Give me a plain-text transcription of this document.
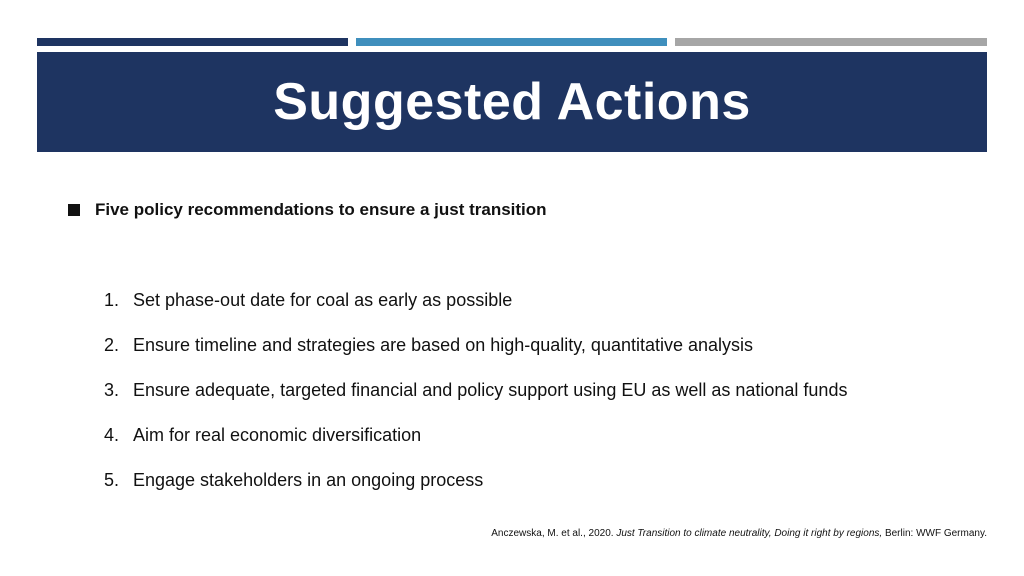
Suggested Actions
Five policy recommendations to ensure a just transition
1. Set phase-out date for coal as early as possible
2. Ensure timeline and strategies are based on high-quality, quantitative analysis
3. Ensure adequate, targeted financial and policy support using EU as well as national funds
4. Aim for real economic diversification
5. Engage stakeholders in an ongoing process
Anczewska, M. et al., 2020. Just Transition to climate neutrality, Doing it right by regions, Berlin: WWF Germany.
